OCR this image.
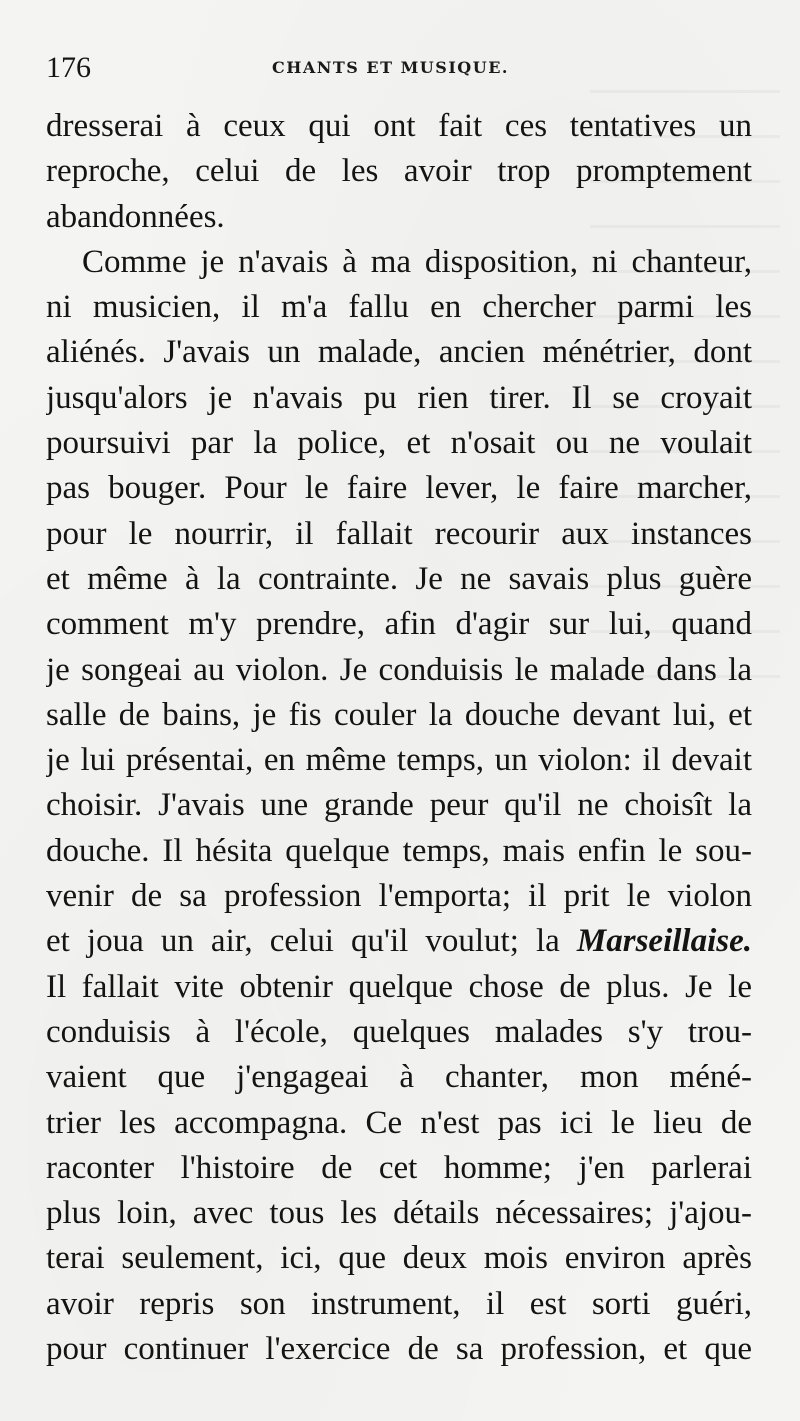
176	CHANTS ET MUSIQUE.
dresserai à ceux qui ont fait ces tentatives un
reproche, celui de les avoir trop promptement
abandonnées.
Comme je n'avais à ma disposition, ni chanteur,
ni musicien, il m'a fallu en chercher parmi les
aliénés. J'avais un malade, ancien ménétrier, dont
jusqu'alors je n'avais pu rien tirer. Il se croyait
poursuivi par la police, et n'osait ou ne voulait
pas bouger. Pour le faire lever, le faire marcher,
pour le nourrir, il fallait recourir aux instances
et même à la contrainte. Je ne savais plus guère
comment m'y prendre, afin d'agir sur lui, quand
je songeai au violon. Je conduisis le malade dans la
salle de bains, je fis couler la douche devant lui, et
je lui présentai, en même temps, un violon: il devait
choisir. J'avais une grande peur qu'il ne choisît la
douche. Il hésita quelque temps, mais enfin le sou-
venir de sa profession l'emporta; il prit le violon
et joua un air, celui qu'il voulut; la Marseillaise.
Il fallait vite obtenir quelque chose de plus. Je le
conduisis à l'école, quelques malades s'y trou-
vaient que j'engageai à chanter, mon méné-
trier les accompagna. Ce n'est pas ici le lieu de
raconter l'histoire de cet homme; j'en parlerai
plus loin, avec tous les détails nécessaires; j'ajou-
terai seulement, ici, que deux mois environ après
avoir repris son instrument, il est sorti guéri,
pour continuer l'exercice de sa profession, et que
